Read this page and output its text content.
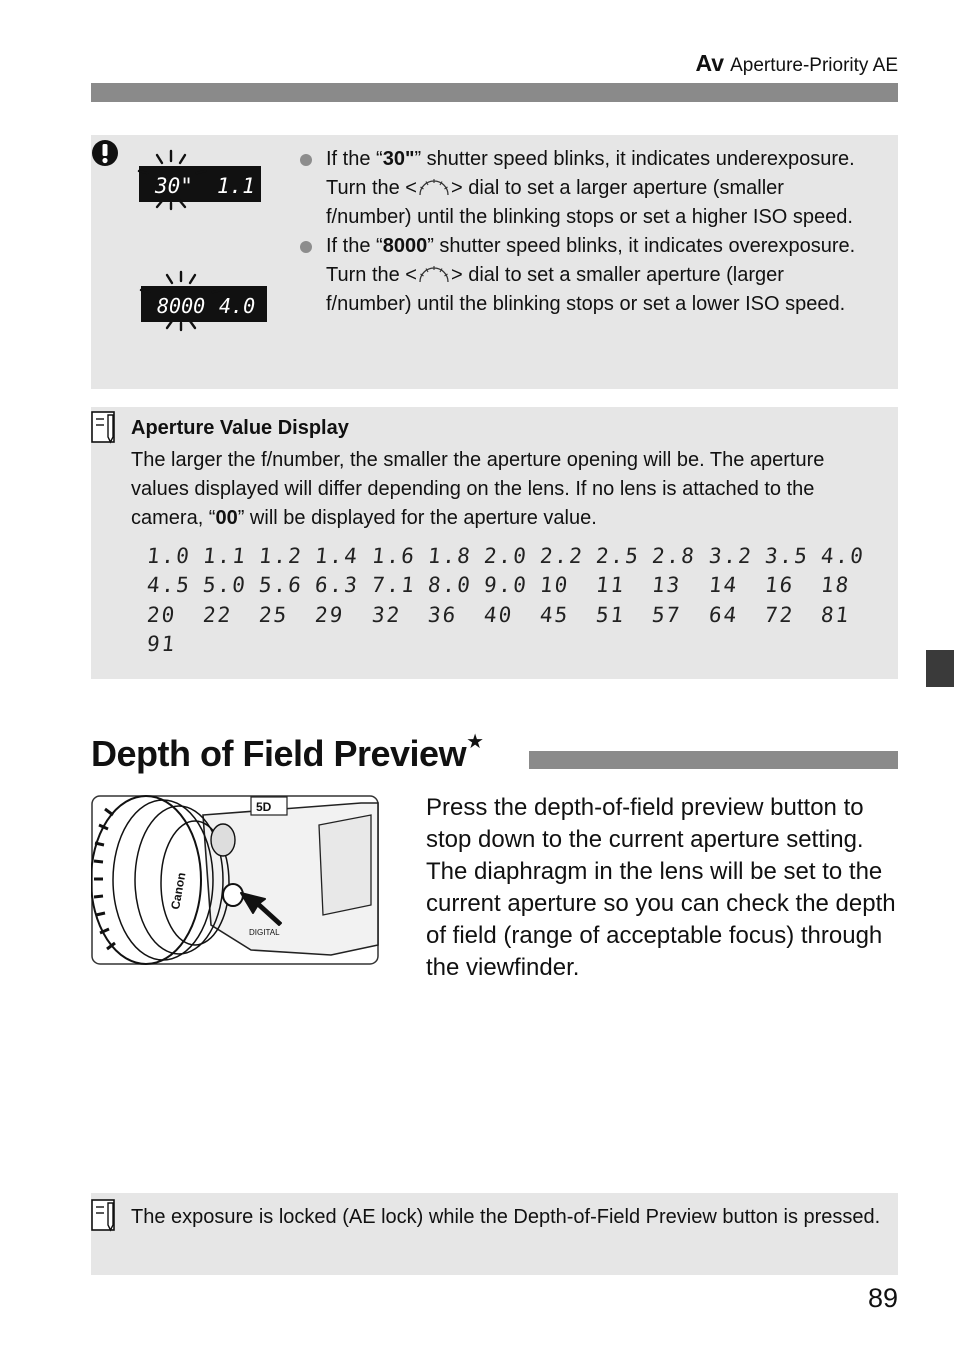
Av Aperture-Priority AE
30" 1.1
8000 4.0
If the “30"” shutter speed blinks, it indicates underexposure. Turn the < > dial to set a larger aperture (smaller f/number) until the blinking stops or set a higher ISO speed.
If the “8000” shutter speed blinks, it indicates overexposure. Turn the < > dial to set a smaller aperture (larger f/number) until the blinking stops or set a lower ISO speed.
Aperture Value Display
The larger the f/number, the smaller the aperture opening will be. The aperture values displayed will differ depending on the lens. If no lens is attached to the camera, “00” will be displayed for the aperture value.
1.0 1.1 1.2 1.4 1.6 1.8 2.0 2.2 2.5 2.8 3.2 3.5 4.0
4.5 5.0 5.6 6.3 7.1 8.0 9.0 10	11	13	14	16	18
20	22	25	29	32	36	40	45	51	57	64	72	81
91
Depth of Field Preview★
5D
Canon
DIGITAL
Press the depth-of-field preview button to stop down to the current aperture setting. The diaphragm in the lens will be set to the current aperture so you can check the depth of field (range of acceptable focus) through the viewfinder.
The exposure is locked (AE lock) while the Depth-of-Field Preview button is pressed.
89
